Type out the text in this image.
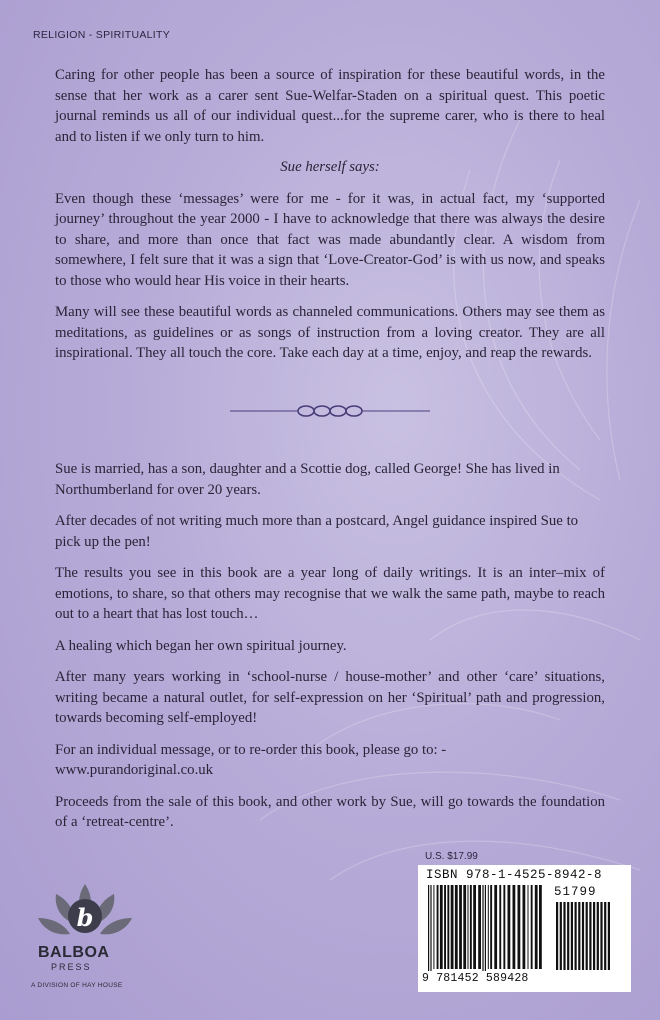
RELIGION - SPIRITUALITY

Caring for other people has been a source of inspiration for these beautiful words, in the sense that her work as a carer sent Sue-Welfar-Staden on a spiritual quest. This poetic journal reminds us all of our individual quest...for the supreme carer, who is there to heal and to listen if we only turn to him.

Sue herself says:

Even though these ‘messages’ were for me - for it was, in actual fact, my ‘supported journey’ throughout the year 2000 - I have to acknowledge that there was always the desire to share, and more than once that fact was made abundantly clear. A wisdom from somewhere, I felt sure that it was a sign that ‘Love-Creator-God’ is with us now, and speaks to those who would hear His voice in their hearts.

Many will see these beautiful words as channeled communications. Others may see them as meditations, as guidelines or as songs of instruction from a loving creator. They are all inspirational. They all touch the core. Take each day at a time, enjoy, and reap the rewards.

Sue is married, has a son, daughter and a Scottie dog, called George! She has lived in Northumberland for over 20 years.

After decades of not writing much more than a postcard, Angel guidance inspired Sue to pick up the pen!

The results you see in this book are a year long of daily writings. It is an inter–mix of emotions, to share, so that others may recognise that we walk the same path, maybe to reach out to a heart that has lost touch…

A healing which began her own spiritual journey.

After many years working in ‘school-nurse / house-mother’ and other ‘care’ situations, writing became a natural outlet, for self-expression on her ‘Spiritual’ path and progression, towards becoming self-employed!

For an individual message, or to re-order this book, please go to: -
www.purandoriginal.co.uk

Proceeds from the sale of this book, and other work by Sue, will go towards the foundation of a ‘retreat-centre’.

b
BALBOA
PRESS
A DIVISION OF HAY HOUSE
U.S. $17.99
ISBN 978-1-4525-8942-8
51799
9 781452 589428
